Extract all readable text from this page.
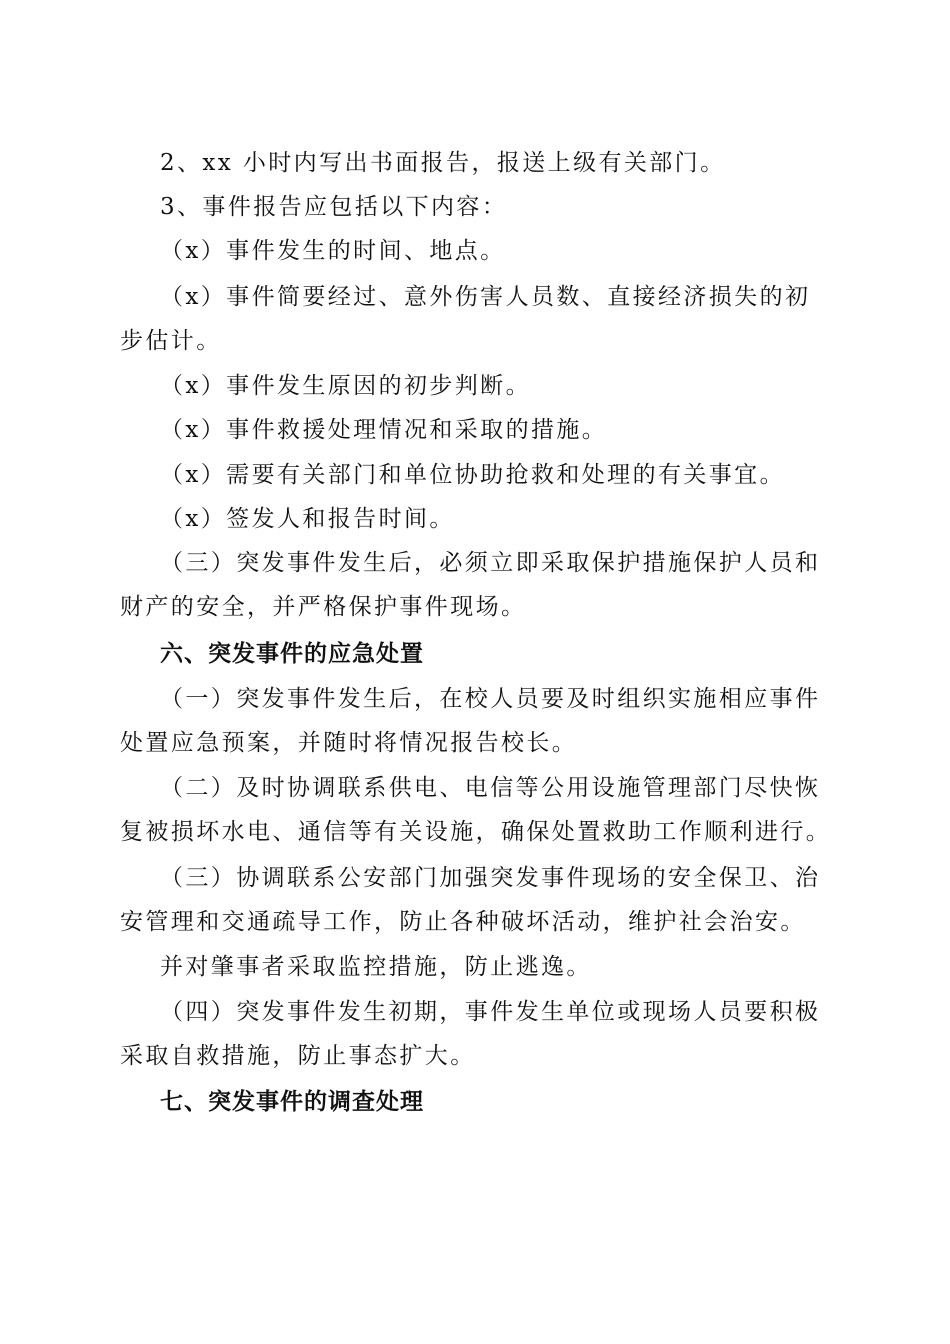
2、xx 小时内写出书面报告，报送上级有关部门。

3、事件报告应包括以下内容：

（x）事件发生的时间、地点。

（x）事件简要经过、意外伤害人员数、直接经济损失的初
步估计。

（x）事件发生原因的初步判断。

（x）事件救援处理情况和采取的措施。

（x）需要有关部门和单位协助抢救和处理的有关事宜。

（x）签发人和报告时间。

（三）突发事件发生后，必须立即采取保护措施保护人员和
财产的安全，并严格保护事件现场。

六、突发事件的应急处置

（一）突发事件发生后，在校人员要及时组织实施相应事件
处置应急预案，并随时将情况报告校长。

（二）及时协调联系供电、电信等公用设施管理部门尽快恢
复被损坏水电、通信等有关设施，确保处置救助工作顺利进行。

（三）协调联系公安部门加强突发事件现场的安全保卫、治
安管理和交通疏导工作，防止各种破坏活动，维护社会治安。

并对肇事者采取监控措施，防止逃逸。

（四）突发事件发生初期，事件发生单位或现场人员要积极
采取自救措施，防止事态扩大。

七、突发事件的调查处理
